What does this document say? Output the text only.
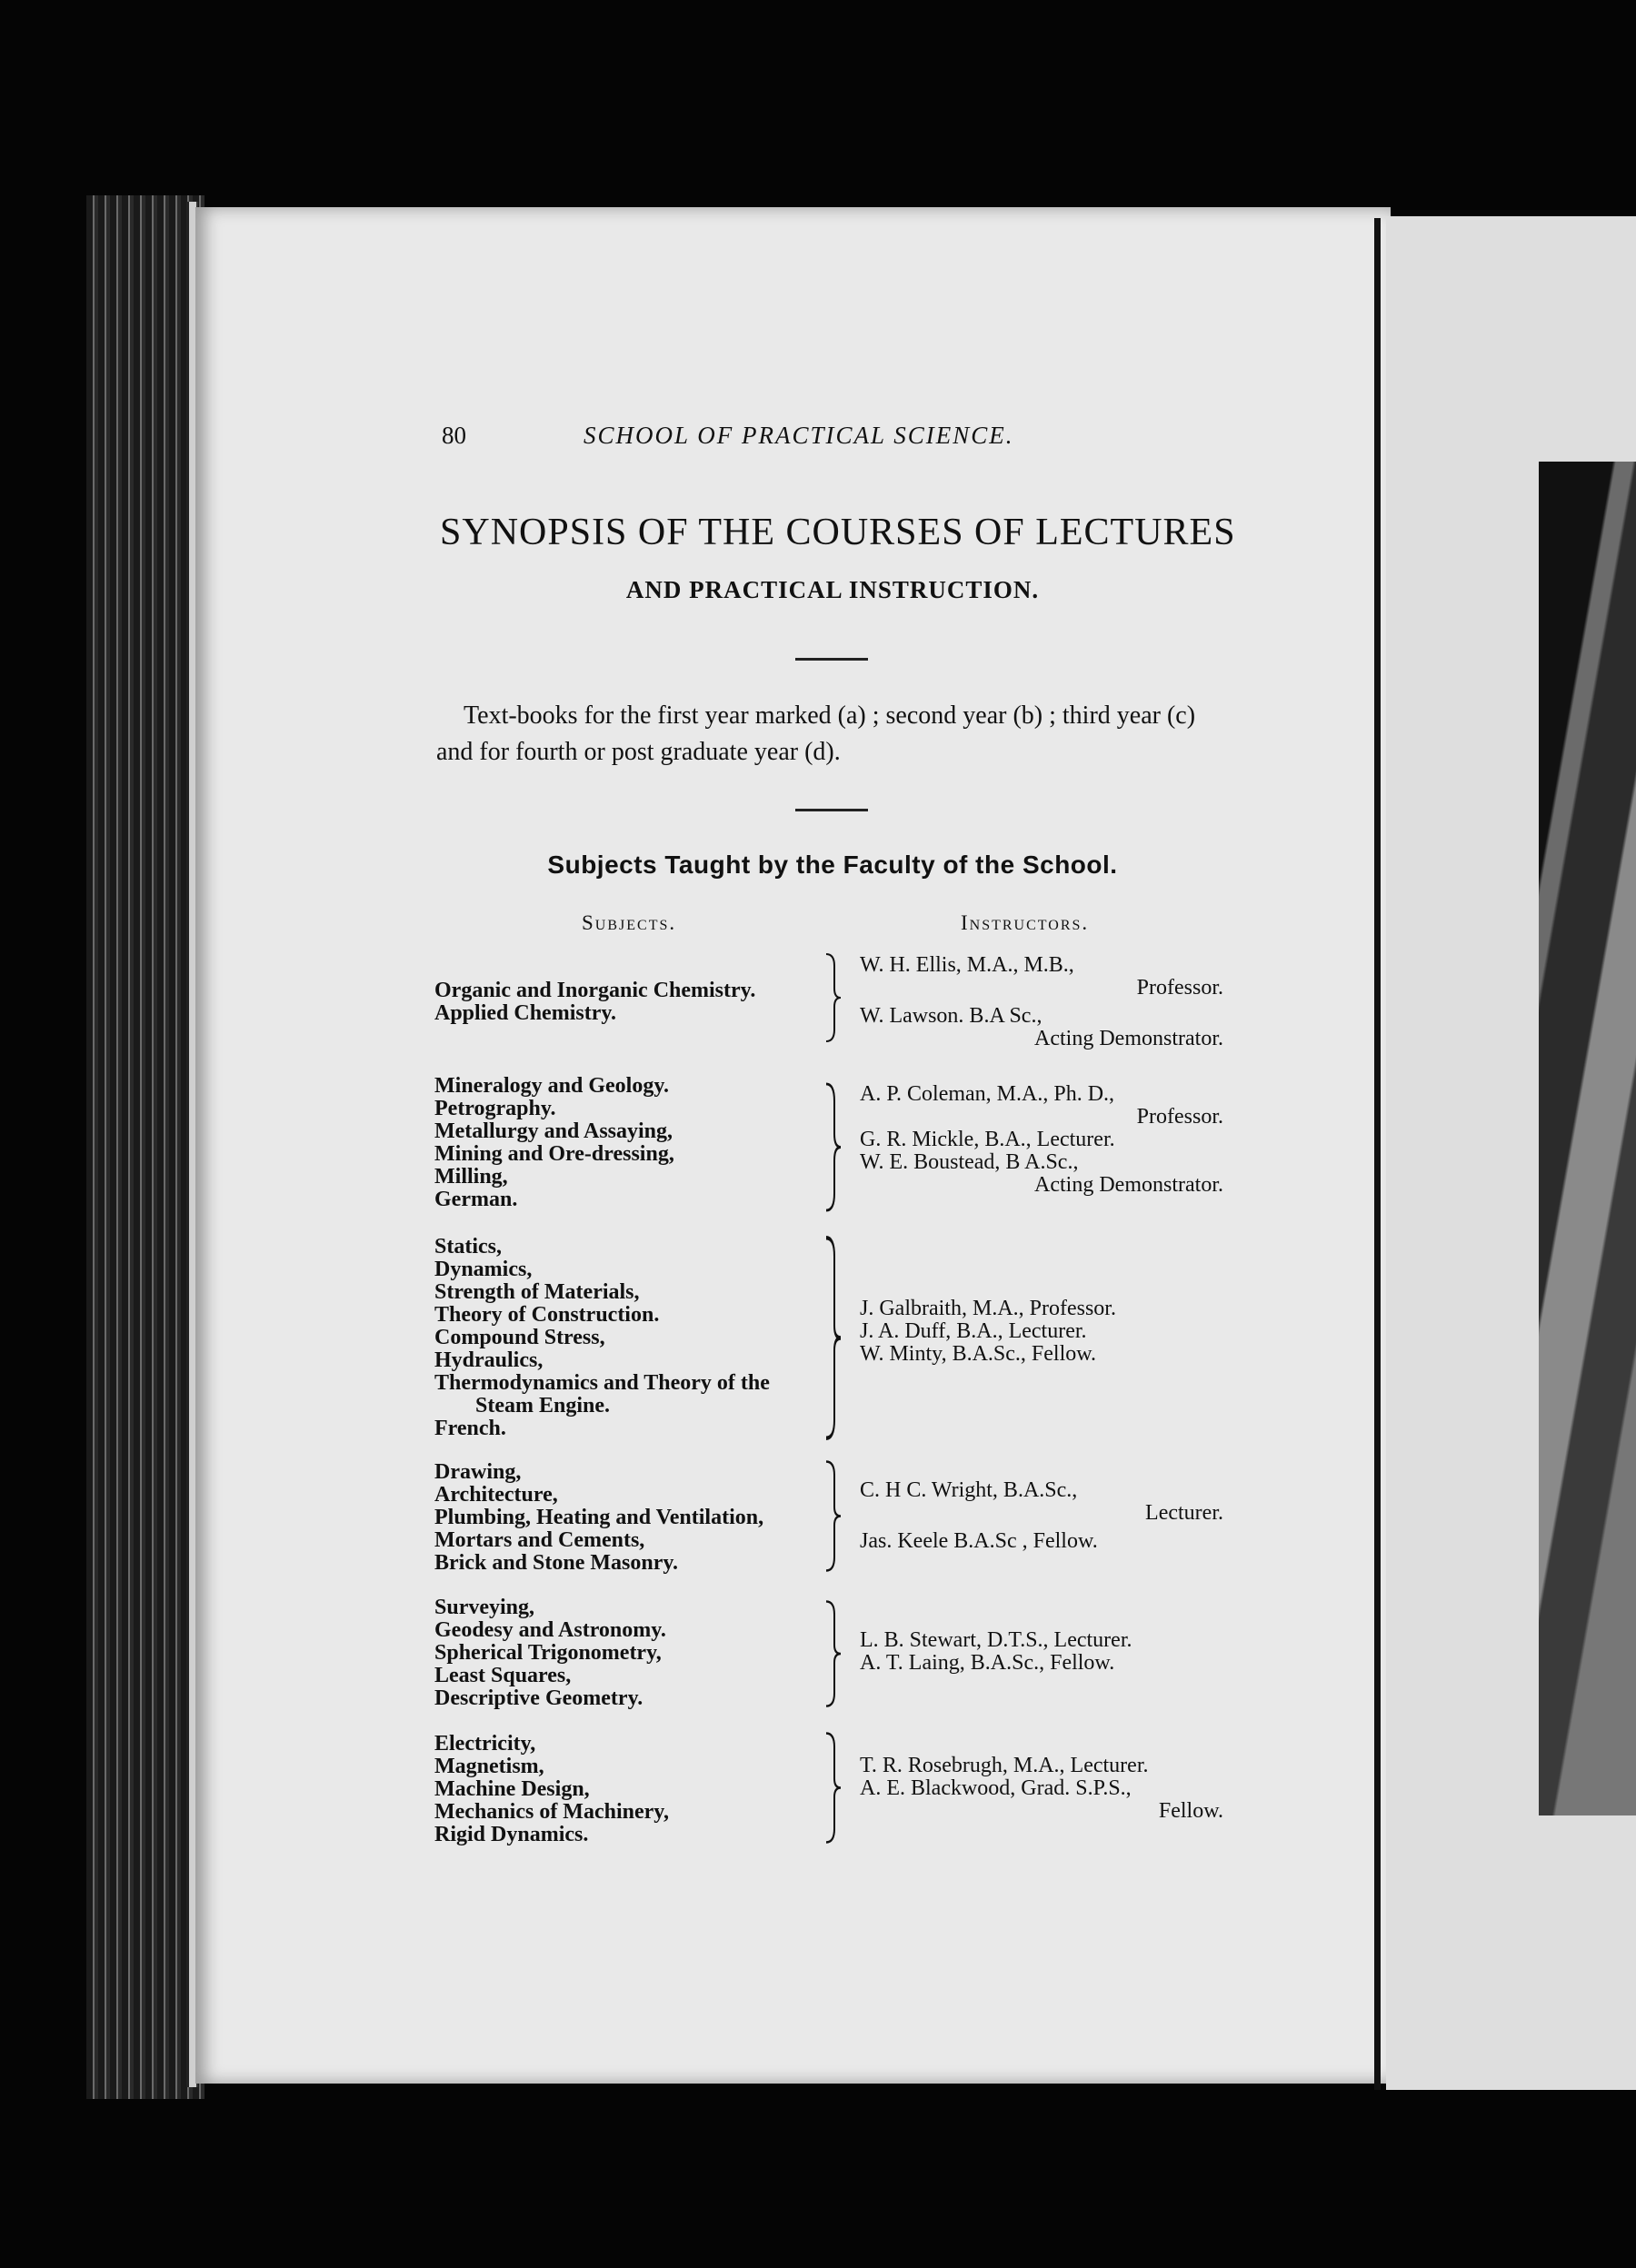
80	SCHOOL OF PRACTICAL SCIENCE.
SYNOPSIS OF THE COURSES OF LECTURES
AND PRACTICAL INSTRUCTION.
Text-books for the first year marked (a) ; second year (b) ; third year (c) and for fourth or post graduate year (d).
Subjects Taught by the Faculty of the School.
Subjects.	Instructors.
Organic and Inorganic Chemistry.
Applied Chemistry.
W. H. Ellis, M.A., M.B.,
Professor.
W. Lawson. B.A Sc.,
Acting Demonstrator.
Mineralogy and Geology.
Petrography.
Metallurgy and Assaying,
Mining and Ore-dressing,
Milling,
German.
A. P. Coleman, M.A., Ph. D.,
Professor.
G. R. Mickle, B.A., Lecturer.
W. E. Boustead, B A.Sc.,
Acting Demonstrator.
Statics,
Dynamics,
Strength of Materials,
Theory of Construction.
Compound Stress,
Hydraulics,
Thermodynamics and Theory of the
Steam Engine.
French.
J. Galbraith, M.A., Professor.
J. A. Duff, B.A., Lecturer.
W. Minty, B.A.Sc., Fellow.
Drawing,
Architecture,
Plumbing, Heating and Ventilation,
Mortars and Cements,
Brick and Stone Masonry.
C. H C. Wright, B.A.Sc.,
Lecturer.
Jas. Keele B.A.Sc , Fellow.
Surveying,
Geodesy and Astronomy.
Spherical Trigonometry,
Least Squares,
Descriptive Geometry.
L. B. Stewart, D.T.S., Lecturer.
A. T. Laing, B.A.Sc., Fellow.
Electricity,
Magnetism,
Machine Design,
Mechanics of Machinery,
Rigid Dynamics.
T. R. Rosebrugh, M.A., Lecturer.
A. E. Blackwood, Grad. S.P.S.,
Fellow.
